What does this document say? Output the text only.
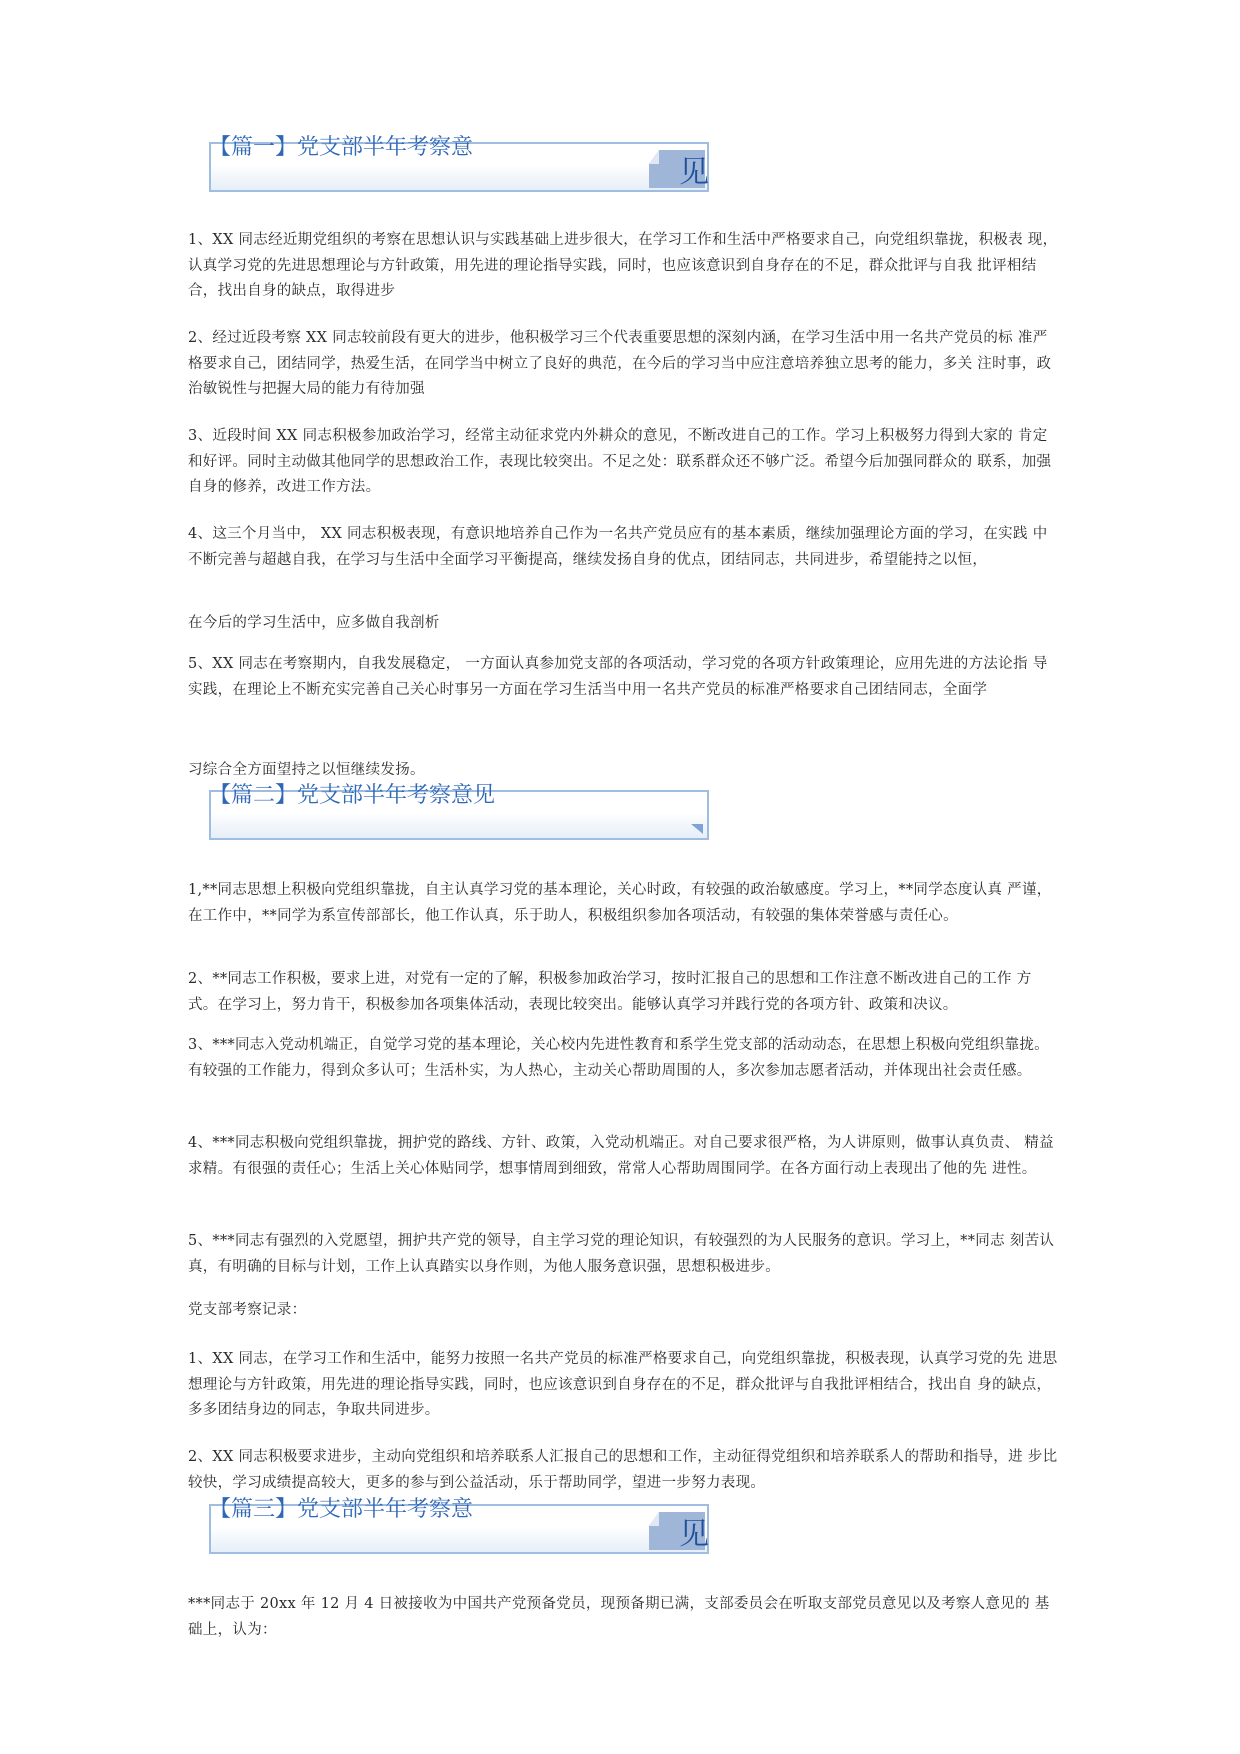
【篇一】党支部半年考察意
见

1、XX 同志经近期党组织的考察在思想认识与实践基础上进步很大，在学习工作和生活中严格要求自己，向党组织靠拢，积极表 现，认真学习党的先进思想理论与方针政策，用先进的理论指导实践，同时，也应该意识到自身存在的不足，群众批评与自我 批评相结合，找出自身的缺点，取得进步

2、经过近段考察 XX 同志较前段有更大的进步，他积极学习三个代表重要思想的深刻内涵，在学习生活中用一名共产党员的标 准严格要求自己，团结同学，热爱生活，在同学当中树立了良好的典范，在今后的学习当中应注意培养独立思考的能力，多关 注时事，政治敏锐性与把握大局的能力有待加强

3、近段时间 XX 同志积极参加政治学习，经常主动征求党内外耕众的意见，不断改进自己的工作。学习上积极努力得到大家的 肯定和好评。同时主动做其他同学的思想政治工作，表现比较突出。不足之处：联系群众还不够广泛。希望今后加强同群众的 联系，加强自身的修养，改进工作方法。

4、这三个月当中， XX 同志积极表现，有意识地培养自己作为一名共产党员应有的基本素质，继续加强理论方面的学习，在实践 中不断完善与超越自我，在学习与生活中全面学习平衡提高，继续发扬自身的优点，团结同志，共同进步，希望能持之以恒，

在今后的学习生活中，应多做自我剖析

5、XX 同志在考察期内，自我发展稳定， 一方面认真参加党支部的各项活动，学习党的各项方针政策理论，应用先进的方法论指 导实践，在理论上不断充实完善自己关心时事另一方面在学习生活当中用一名共产党员的标准严格要求自己团结同志，全面学

习综合全方面望持之以恒继续发扬。

【篇二】党支部半年考察意见

1,**同志思想上积极向党组织靠拢，自主认真学习党的基本理论，关心时政，有较强的政治敏感度。学习上，**同学态度认真 严谨，在工作中，**同学为系宣传部部长，他工作认真，乐于助人，积极组织参加各项活动，有较强的集体荣誉感与责任心。

2、**同志工作积极，要求上进，对党有一定的了解，积极参加政治学习，按时汇报自己的思想和工作注意不断改进自己的工作 方式。在学习上，努力肯干，积极参加各项集体活动，表现比较突出。能够认真学习并践行党的各项方针、政策和决议。

3、***同志入党动机端正，自觉学习党的基本理论，关心校内先进性教育和系学生党支部的活动动态，在思想上积极向党组织靠拢。有较强的工作能力，得到众多认可；生活朴实，为人热心，主动关心帮助周围的人，多次参加志愿者活动，并体现出社会责任感。

4、***同志积极向党组织靠拢，拥护党的路线、方针、政策，入党动机端正。对自己要求很严格，为人讲原则，做事认真负责、 精益求精。有很强的责任心；生活上关心体贴同学，想事情周到细致，常常人心帮助周围同学。在各方面行动上表现出了他的先 进性。

5、***同志有强烈的入党愿望，拥护共产党的领导，自主学习党的理论知识，有较强烈的为人民服务的意识。学习上，**同志 刻苦认真，有明确的目标与计划，工作上认真踏实以身作则，为他人服务意识强，思想积极进步。

党支部考察记录：

1、XX 同志，在学习工作和生活中，能努力按照一名共产党员的标准严格要求自己，向党组织靠拢，积极表现，认真学习党的先 进思想理论与方针政策，用先进的理论指导实践，同时，也应该意识到自身存在的不足，群众批评与自我批评相结合，找出自 身的缺点，多多团结身边的同志，争取共同进步。

2、XX 同志积极要求进步，主动向党组织和培养联系人汇报自己的思想和工作，主动征得党组织和培养联系人的帮助和指导，进 步比较快，学习成绩提高较大，更多的参与到公益活动，乐于帮助同学，望进一步努力表现。

【篇三】党支部半年考察意
见

***同志于 20xx 年 12 月 4 日被接收为中国共产党预备党员，现预备期已满，支部委员会在听取支部党员意见以及考察人意见的 基础上，认为：
